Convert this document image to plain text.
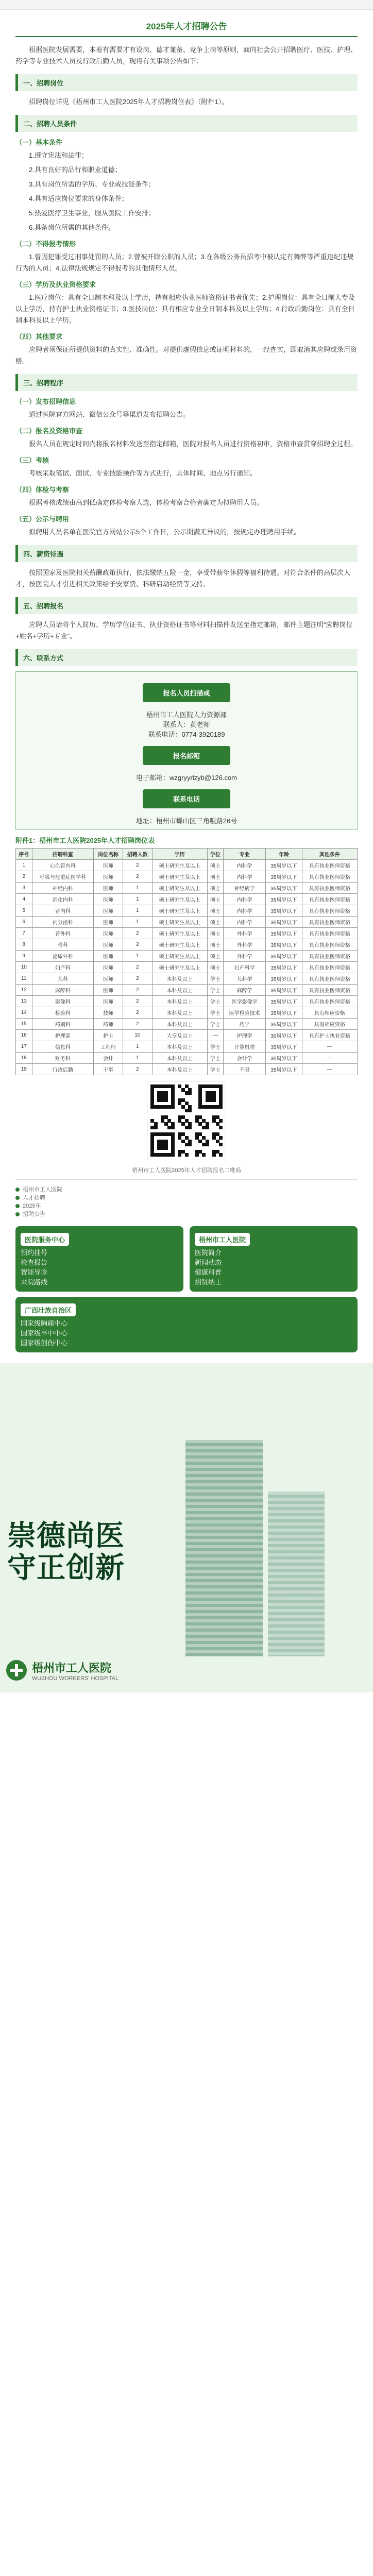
2025年人才招聘公告
根据医院发展需要，本着有需要才有设岗、德才兼备、竞争上岗等原则，面向社会公开招聘医疗、医技、护理、药学等专业技术人员及行政后勤人员，现将有关事项公告如下：
一、招聘岗位
招聘岗位详见《梧州市工人医院2025年人才招聘岗位表》（附件1）。
二、招聘人员条件
（一）基本条件
1.遵守宪法和法律；
2.具有良好的品行和职业道德；
3.具有岗位所需的学历、专业或技能条件；
4.具有适应岗位要求的身体条件；
5.热爱医疗卫生事业，服从医院工作安排；
6.具备岗位所需的其他条件。
（二）不得报考情形
1.曾因犯罪受过刑事处罚的人员；2.曾被开除公职的人员；3.在各级公务员招考中被认定有舞弊等严重违纪违规行为的人员；4.法律法规规定不得报考的其他情形人员。
（三）学历及执业资格要求
1.医疗岗位：具有全日制本科及以上学历，持有相应执业医师资格证书者优先；2.护理岗位：具有全日制大专及以上学历，持有护士执业资格证书；3.医技岗位：具有相应专业全日制本科及以上学历；4.行政后勤岗位：具有全日制本科及以上学历。
（四）其他要求
应聘者须保证所提供资料的真实性、准确性。对提供虚假信息或证明材料的，一经查实，即取消其应聘或录用资格。
三、招聘程序
（一）发布招聘信息
通过医院官方网站、微信公众号等渠道发布招聘公告。
（二）报名及资格审查
报名人员在规定时间内将报名材料发送至指定邮箱，医院对报名人员进行资格初审，资格审查贯穿招聘全过程。
（三）考核
考核采取笔试、面试、专业技能操作等方式进行，具体时间、地点另行通知。
（四）体检与考察
根据考核成绩由高到低确定体检考察人选，体检考察合格者确定为拟聘用人员。
（五）公示与聘用
拟聘用人员名单在医院官方网站公示5个工作日，公示期满无异议的，按规定办理聘用手续。
四、薪资待遇
按照国家及医院相关薪酬政策执行，依法缴纳五险一金，享受带薪年休假等福利待遇。对符合条件的高层次人才，按医院人才引进相关政策给予安家费、科研启动经费等支持。
五、招聘报名
应聘人员请将个人简历、学历学位证书、执业资格证书等材料扫描件发送至指定邮箱，邮件主题注明“应聘岗位+姓名+学历+专业”。
六、联系方式
报名人员扫描或
梧州市工人医院人力资源部
联系人：黄老师
联系电话：0774-3920189
报名邮箱
电子邮箱：wzgryyrlzyb@126.com
联系电话
地址：梧州市蝶山区三角咀路26号
附件1：梧州市工人医院2025年人才招聘岗位表
序号	招聘科室	岗位名称	招聘人数	学历	学位	专业	年龄	其他条件
1	心血管内科	医师	2	硕士研究生及以上	硕士	内科学	35周岁以下	具有执业医师资格
2	呼吸与危重症医学科	医师	2	硕士研究生及以上	硕士	内科学	35周岁以下	具有执业医师资格
3	神经内科	医师	1	硕士研究生及以上	硕士	神经病学	35周岁以下	具有执业医师资格
4	消化内科	医师	1	硕士研究生及以上	硕士	内科学	35周岁以下	具有执业医师资格
5	肾内科	医师	1	硕士研究生及以上	硕士	内科学	35周岁以下	具有执业医师资格
6	内分泌科	医师	1	硕士研究生及以上	硕士	内科学	35周岁以下	具有执业医师资格
7	普外科	医师	2	硕士研究生及以上	硕士	外科学	35周岁以下	具有执业医师资格
8	骨科	医师	2	硕士研究生及以上	硕士	外科学	35周岁以下	具有执业医师资格
9	泌尿外科	医师	1	硕士研究生及以上	硕士	外科学	35周岁以下	具有执业医师资格
10	妇产科	医师	2	硕士研究生及以上	硕士	妇产科学	35周岁以下	具有执业医师资格
11	儿科	医师	2	本科及以上	学士	儿科学	35周岁以下	具有执业医师资格
12	麻醉科	医师	2	本科及以上	学士	麻醉学	35周岁以下	具有执业医师资格
13	影像科	医师	2	本科及以上	学士	医学影像学	35周岁以下	具有执业医师资格
14	检验科	技师	2	本科及以上	学士	医学检验技术	35周岁以下	具有相应资格
15	药剂科	药师	2	本科及以上	学士	药学	35周岁以下	具有相应资格
16	护理部	护士	10	大专及以上	—	护理学	30周岁以下	具有护士执业资格
17	信息科	工程师	1	本科及以上	学士	计算机类	35周岁以下	—
18	财务科	会计	1	本科及以上	学士	会计学	35周岁以下	—
19	行政后勤	干事	2	本科及以上	学士	不限	35周岁以下	—
梧州市工人医院2025年人才招聘报名二维码
梧州市工人医院
人才招聘
2025年
招聘公告
医院服务中心
预约挂号
检查报告
智能导诊
来院路线
梧州市工人医院
医院简介
新闻动态
健康科普
招贤纳士
广西壮族自治区
国家级胸痛中心
国家级卒中中心
国家级创伤中心
崇德尚医
守正创新
梧州市工人医院
WUZHOU WORKERS' HOSPITAL
